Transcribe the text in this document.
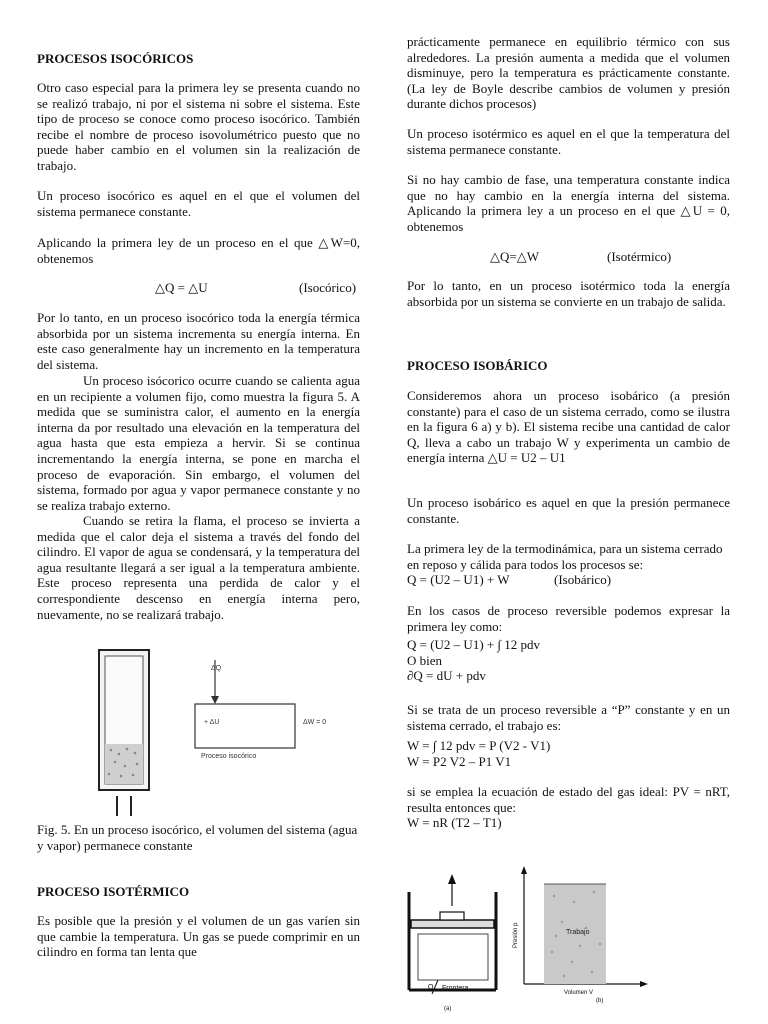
PROCESOS ISOCÓRICOS

Otro caso especial para la primera ley se presenta cuando no se realizó trabajo, ni por el sistema ni sobre el sistema. Este tipo de proceso se conoce como proceso isocórico. También recibe el nombre de proceso isovolumétrico puesto que no puede haber cambio en el volumen sin la realización de trabajo.

Un proceso isocórico es aquel en el que el volumen del sistema permanece constante.

Aplicando la primera ley de un proceso en el que △W=0, obtenemos

△Q = △U	(Isocórico)

Por lo tanto, en un proceso isocórico toda la energía térmica absorbida por un sistema incrementa su energía interna. En este caso generalmente hay un incremento en la temperatura del sistema.

Un proceso isócorico ocurre cuando se calienta agua en un recipiente a volumen fijo, como muestra la figura 5. A medida que se suministra calor, el aumento en la energía interna da por resultado una elevación en la temperatura del agua hasta que esta empieza a hervir. Si se continua incrementando la energía interna, se pone en marcha el proceso de evaporación. Sin embargo, el volumen del sistema, formado por agua y vapor permanece constante y no se realiza trabajo externo.

Cuando se retira la flama, el proceso se invierta a medida que el calor deja el sistema a través del fondo del cilindro. El vapor de agua se condensará, y la temperatura del agua resultante llegará a ser igual a la temperatura ambiente. Este proceso representa una perdida de calor y el correspondiente descenso en energía interna pero, nuevamente, no se realizará trabajo.

ΔQ
+ ΔU	ΔW = 0
Proceso isocórico

Fig. 5. En un proceso isocórico, el volumen del sistema (agua y vapor) permanece constante

PROCESO ISOTÉRMICO

Es posible que la presión y el volumen de un gas varíen sin que cambie la temperatura. Un gas se puede comprimir en un cilindro en forma tan lenta que

prácticamente permanece en equilibrio térmico con sus alrededores. La presión aumenta a medida que el volumen disminuye, pero la temperatura es prácticamente constante. (La ley de Boyle describe cambios de volumen y presión durante dichos procesos)

Un proceso isotérmico es aquel en el que la temperatura del sistema permanece constante.

Si no hay cambio de fase, una temperatura constante indica que no hay cambio en la energía interna del sistema. Aplicando la primera ley a un proceso en el que △U = 0, obtenemos

△Q=△W	(Isotérmico)

Por lo tanto, en un proceso isotérmico toda la energía absorbida por un sistema se convierte en un trabajo de salida.

PROCESO ISOBÁRICO

Consideremos ahora un proceso isobárico (a presión constante) para el caso de un sistema cerrado, como se ilustra en la figura 6 a) y b). El sistema recibe una cantidad de calor Q, lleva a cabo un trabajo W y experimenta un cambio de energía interna △U = U2 – U1

Un proceso isobárico es aquel en que la presión permanece constante.

La primera ley de la termodinámica, para un sistema cerrado en reposo y cálida para todos los procesos se:

Q = (U2 – U1) + W	(Isobárico)

En los casos de proceso reversible podemos expresar la primera ley como:

Q = (U2 – U1) + ∫ 12 pdv

O bien

∂Q = dU + pdv

Si se trata de un proceso reversible a “P” constante y en un sistema cerrado, el trabajo es:

W = ∫ 12 pdv = P (V2 - V1)

W = P2 V2 – P1 V1

si se emplea la ecuación de estado del gas ideal: PV = nRT, resulta entonces que:

W = nR (T2 – T1)

Q Frontera
(a)
Trabajo
Presión p
Volumen V
(b)
